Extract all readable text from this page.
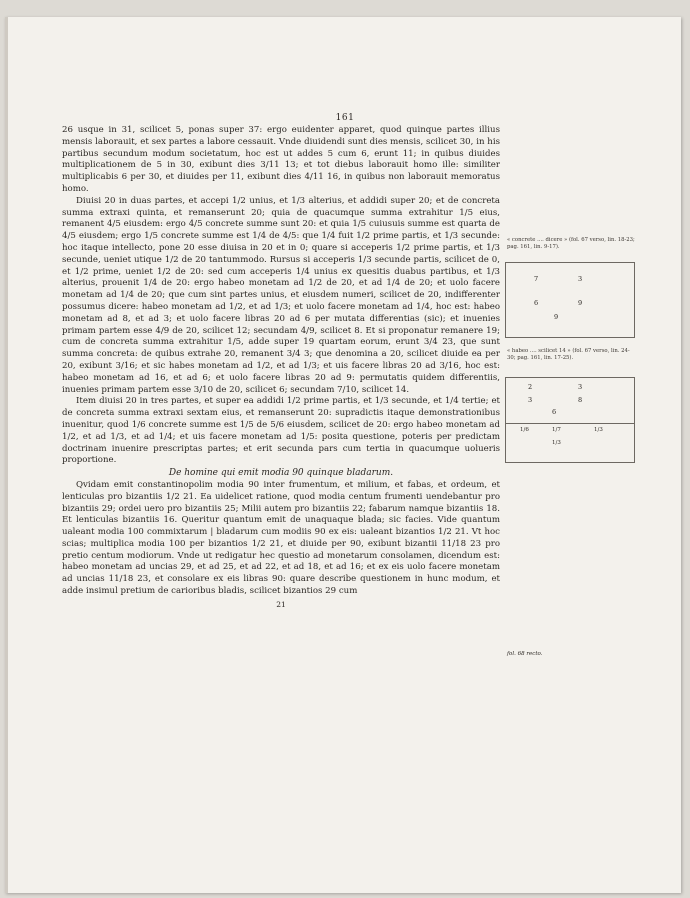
161

26 usque in 31, scilicet 5, ponas super 37: ergo euidenter apparet, quod quinque partes illius mensis laborauit, et sex partes a labore cessauit. Vnde diuidendi sunt dies mensis, scilicet 30, in his partibus secundum modum societatum, hoc est ut addes 5 cum 6, erunt 11; in quibus diuides multiplicationem de 5 in 30, exibunt dies 3/11 13; et tot diebus laborauit homo ille: similiter multiplicabis 6 per 30, et diuides per 11, exibunt dies 4/11 16, in quibus non laborauit memoratus homo.

Diuisi 20 in duas partes, et accepi 1/2 unius, et 1/3 alterius, et addidi super 20; et de concreta summa extraxi quinta, et remanserunt 20; quia de quacumque summa extrahitur 1/5 eius, remanent 4/5 eiusdem: ergo 4/5 concrete summe sunt 20: et quia 1/5 cuiusuis summe est quarta de 4/5 eiusdem; ergo 1/5 concrete summe est 1/4 de 4/5: que 1/4 fuit 1/2 prime partis, et 1/3 secunde: hoc itaque intellecto, pone 20 esse diuisa in 20 et in 0; quare si acceperis 1/2 prime partis, et 1/3 secunde, ueniet utique 1/2 de 20 tantummodo. Rursus si acceperis 1/3 secunde partis, scilicet de 0, et 1/2 prime, ueniet 1/2 de 20: sed cum acceperis 1/4 unius ex quesitis duabus partibus, et 1/3 alterius, prouenit 1/4 de 20: ergo habeo monetam ad 1/2 de 20, et ad 1/4 de 20; et uolo facere monetam ad 1/4 de 20; que cum sint partes unius, et eiusdem numeri, scilicet de 20, indifferenter possumus dicere: habeo monetam ad 1/2, et ad 1/3; et uolo facere monetam ad 1/4, hoc est: habeo monetam ad 8, et ad 3; et uolo facere libras 20 ad 6 per mutata differentias (sic); et inuenies primam partem esse 4/9 de 20, scilicet 12; secundam 4/9, scilicet 8. Et si proponatur remanere 19; cum de concreta summa extrahitur 1/5, adde super 19 quartam eorum, erunt 3/4 23, que sunt summa concreta: de quibus extrahe 20, remanent 3/4 3; que denomina a 20, scilicet diuide ea per 20, exibunt 3/16; et sic habes monetam ad 1/2, et ad 1/3; et uis facere libras 20 ad 3/16, hoc est: habeo monetam ad 16, et ad 6; et uolo facere libras 20 ad 9: permutatis quidem differentiis, inuenies primam partem esse 3/10 de 20, scilicet 6; secundam 7/10, scilicet 14.

Item diuisi 20 in tres partes, et super ea addidi 1/2 prime partis, et 1/3 secunde, et 1/4 tertie; et de concreta summa extraxi sextam eius, et remanserunt 20: supradictis itaque demonstrationibus inuenitur, quod 1/6 concrete summe est 1/5 de 5/6 eiusdem, scilicet de 20: ergo habeo monetam ad 1/2, et ad 1/3, et ad 1/4; et uis facere monetam ad 1/5: posita questione, poteris per predictam doctrinam inuenire prescriptas partes; et erit secunda pars cum tertia in quacumque uolueris proportione.

De homine qui emit modia 90 quinque bladarum.

Qvidam emit constantinopolim modia 90 inter frumentum, et milium, et fabas, et ordeum, et lenticulas pro bizantiis 1/2 21. Ea uidelicet ratione, quod modia centum frumenti uendebantur pro bizantiis 29; ordei uero pro bizantiis 25; Milii autem pro bizantiis 22; fabarum namque bizantiis 18. Et lenticulas bizantiis 16. Queritur quantum emit de unaquaque blada; sic facies. Vide quantum ualeant modia 100 commixtarum | bladarum cum modiis 90 ex eis: ualeant bizantios 1/2 21. Vt hoc scias; multiplica modia 100 per bizantios 1/2 21, et diuide per 90, exibunt bizantii 11/18 23 pro pretio centum modiorum. Vnde ut redigatur hec questio ad monetarum consolamen, dicendum est: habeo monetam ad uncias 29, et ad 25, et ad 22, et ad 18, et ad 16; et ex eis uolo facere monetam ad uncias 11/18 23, et consolare ex eis libras 90: quare describe questionem in hunc modum, et adde insimul pretium de carioribus bladis, scilicet bizantios 29 cum

21

« concrete .... dicere » (fol. 67 verso, lin. 18-23; pag. 161, lin. 9-17).
7	3
6	9
9
« habeo .... scilicet 14 » (fol. 67 verso, lin. 24-30; pag. 161, lin. 17-25).
2	3
3	8
6
1/6	1/7	1/3
1/3
fol. 68 recto.
